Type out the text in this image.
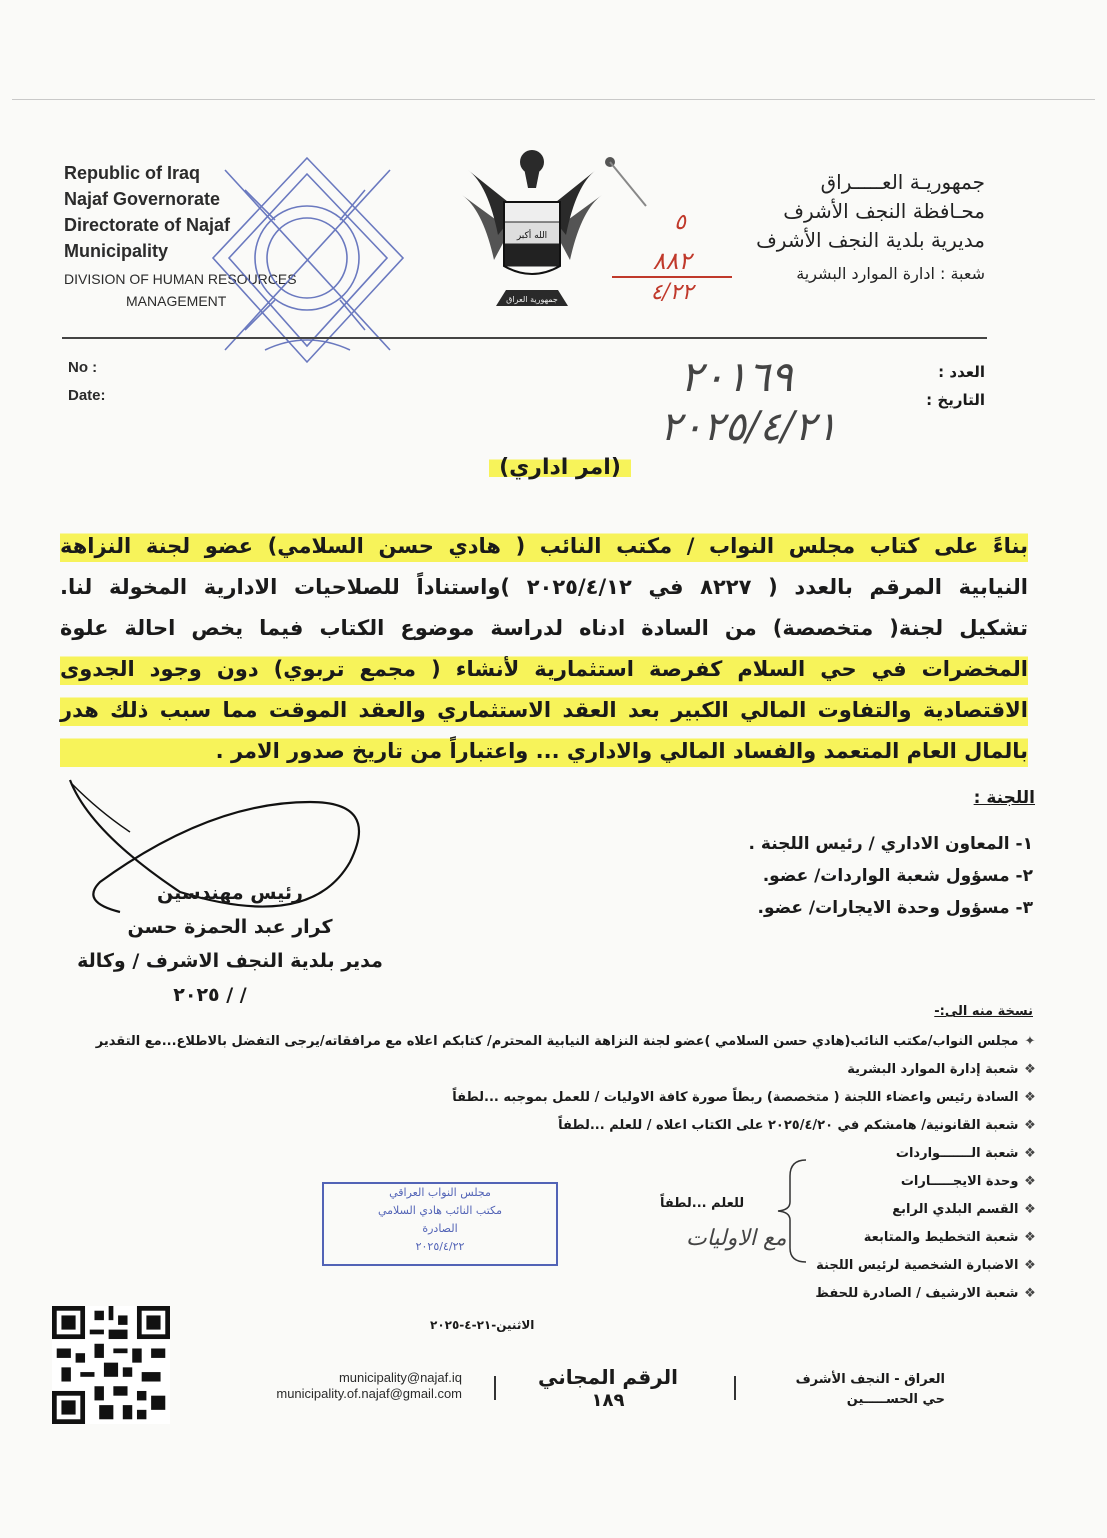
Republic of Iraq
Najaf Governorate
Directorate of Najaf
Municipality
DIVISION OF HUMAN RESOURCES
MANAGEMENT
الله أكبر
جمهورية العراق
٥
٨٨٢
٤/٢٢
جمهوريـة العـــــراق
محـافظة النجف الأشرف
مديرية بلدية النجف الأشرف
شعبة : ادارة الموارد البشرية
No :
Date:
العدد :
التاريخ :
٢٠١٦٩
٢٠٢٥/٤/٢١
(امر اداري)
بناءً على كتاب مجلس النواب / مكتب النائب ( هادي حسن السلامي) عضو لجنة النزاهة
النيابية المرقم بالعدد ( ٨٢٢٧ في ٢٠٢٥/٤/١٢ )واستناداً للصلاحيات الادارية المخولة لنا.
تشكيل لجنة( متخصصة) من السادة ادناه لدراسة موضوع الكتاب فيما يخص احالة علوة
المخضرات في حي السلام كفرصة استثمارية لأنشاء ( مجمع تربوي) دون وجود الجدوى
الاقتصادية والتفاوت المالي الكبير بعد العقد الاستثماري والعقد الموقت مما سبب ذلك هدر
بالمال العام المتعمد والفساد المالي والاداري ... واعتباراً من تاريخ صدور الامر .
اللجنة :
١- المعاون الاداري / رئيس اللجنة .
٢- مسؤول شعبة الواردات/ عضو.
٣- مسؤول وحدة الايجارات/ عضو.
رئيس مهندسين
كرار عبد الحمزة حسن
مدير بلدية النجف الاشرف / وكالة
/ / ٢٠٢٥
نسخة منه الى:-
✦ مجلس النواب/مكتب النائب(هادي حسن السلامي )عضو لجنة النزاهة النيابية المحترم/ كتابكم اعلاه مع مرافقاته/يرجى التفضل بالاطلاع...مع التقدير
❖ شعبة إدارة الموارد البشرية
❖ السادة رئيس واعضاء اللجنة ( متخصصة) ربطاً صورة كافة الاوليات / للعمل بموجبه ...لطفاً
❖ شعبة القانونية/ هامشكم في ٢٠٢٥/٤/٢٠ على الكتاب اعلاه / للعلم ...لطفاً
❖ شعبة الـــــــواردات
❖ وحدة الايجـــــارات
❖ القسم البلدي الرابع
❖ شعبة التخطيط والمتابعة
❖ الاضبارة الشخصية لرئيس اللجنة
❖ شعبة الارشيف / الصادرة للحفظ
للعلم ...لطفاً
مع الاوليات
مجلس النواب العراقي
مكتب النائب هادي السلامي
الصادرة
٢٠٢٥/٤/٢٢
الاثنين-٢١-٤-٢٠٢٥
municipality@najaf.iq
municipality.of.najaf@gmail.com
الرقم المجاني
١٨٩
العراق - النجف الأشرف
حي الحســـــين
